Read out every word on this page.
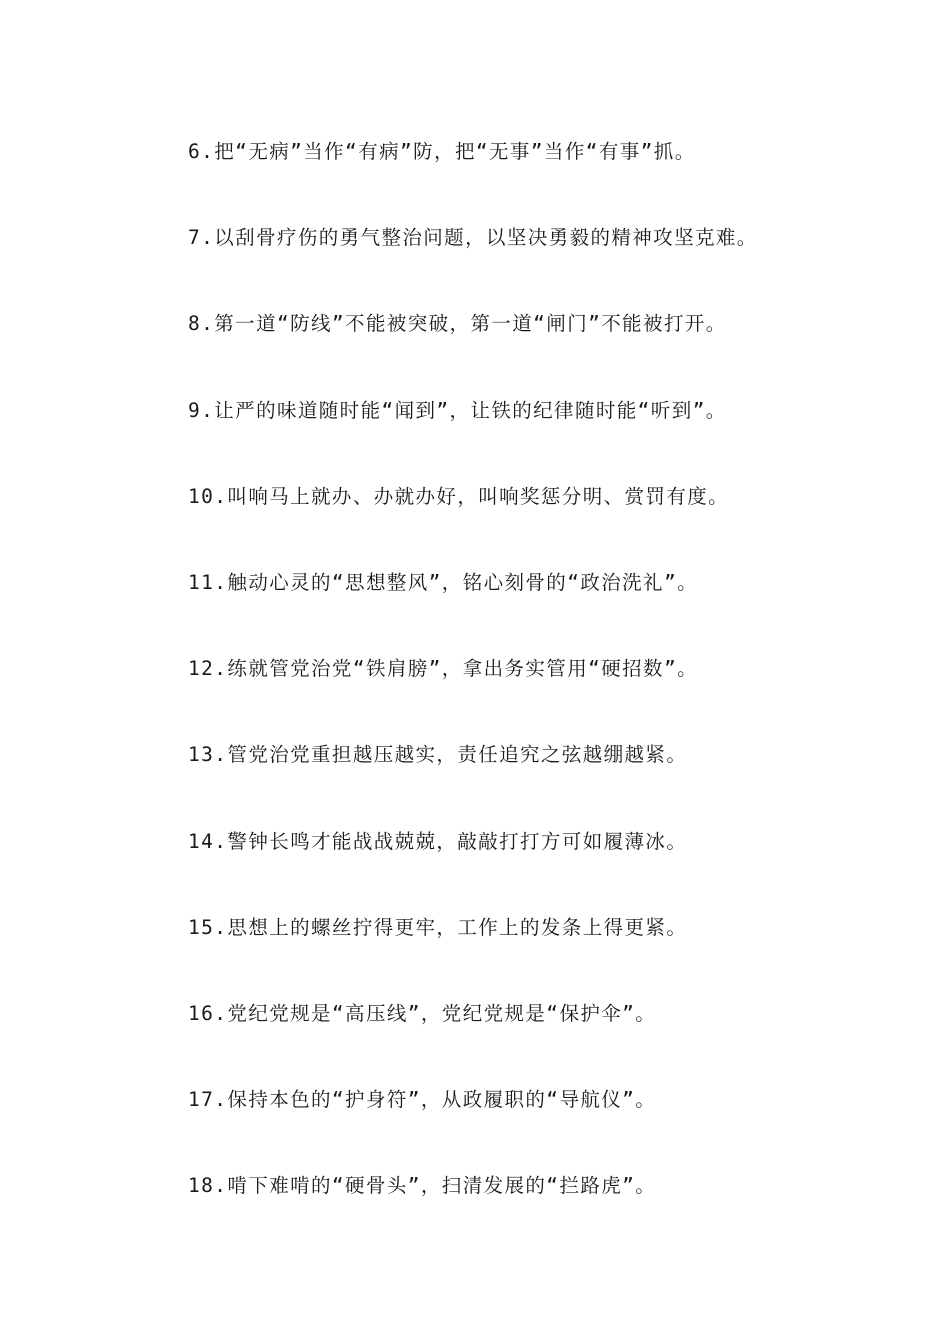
6.把“无病”当作“有病”防，把“无事”当作“有事”抓。
7.以刮骨疗伤的勇气整治问题，以坚决勇毅的精神攻坚克难。
8.第一道“防线”不能被突破，第一道“闸门”不能被打开。
9.让严的味道随时能“闻到”，让铁的纪律随时能“听到”。
10.叫响马上就办、办就办好，叫响奖惩分明、赏罚有度。
11.触动心灵的“思想整风”，铭心刻骨的“政治洗礼”。
12.练就管党治党“铁肩膀”，拿出务实管用“硬招数”。
13.管党治党重担越压越实，责任追究之弦越绷越紧。
14.警钟长鸣才能战战兢兢，敲敲打打方可如履薄冰。
15.思想上的螺丝拧得更牢，工作上的发条上得更紧。
16.党纪党规是“高压线”，党纪党规是“保护伞”。
17.保持本色的“护身符”，从政履职的“导航仪”。
18.啃下难啃的“硬骨头”，扫清发展的“拦路虎”。
